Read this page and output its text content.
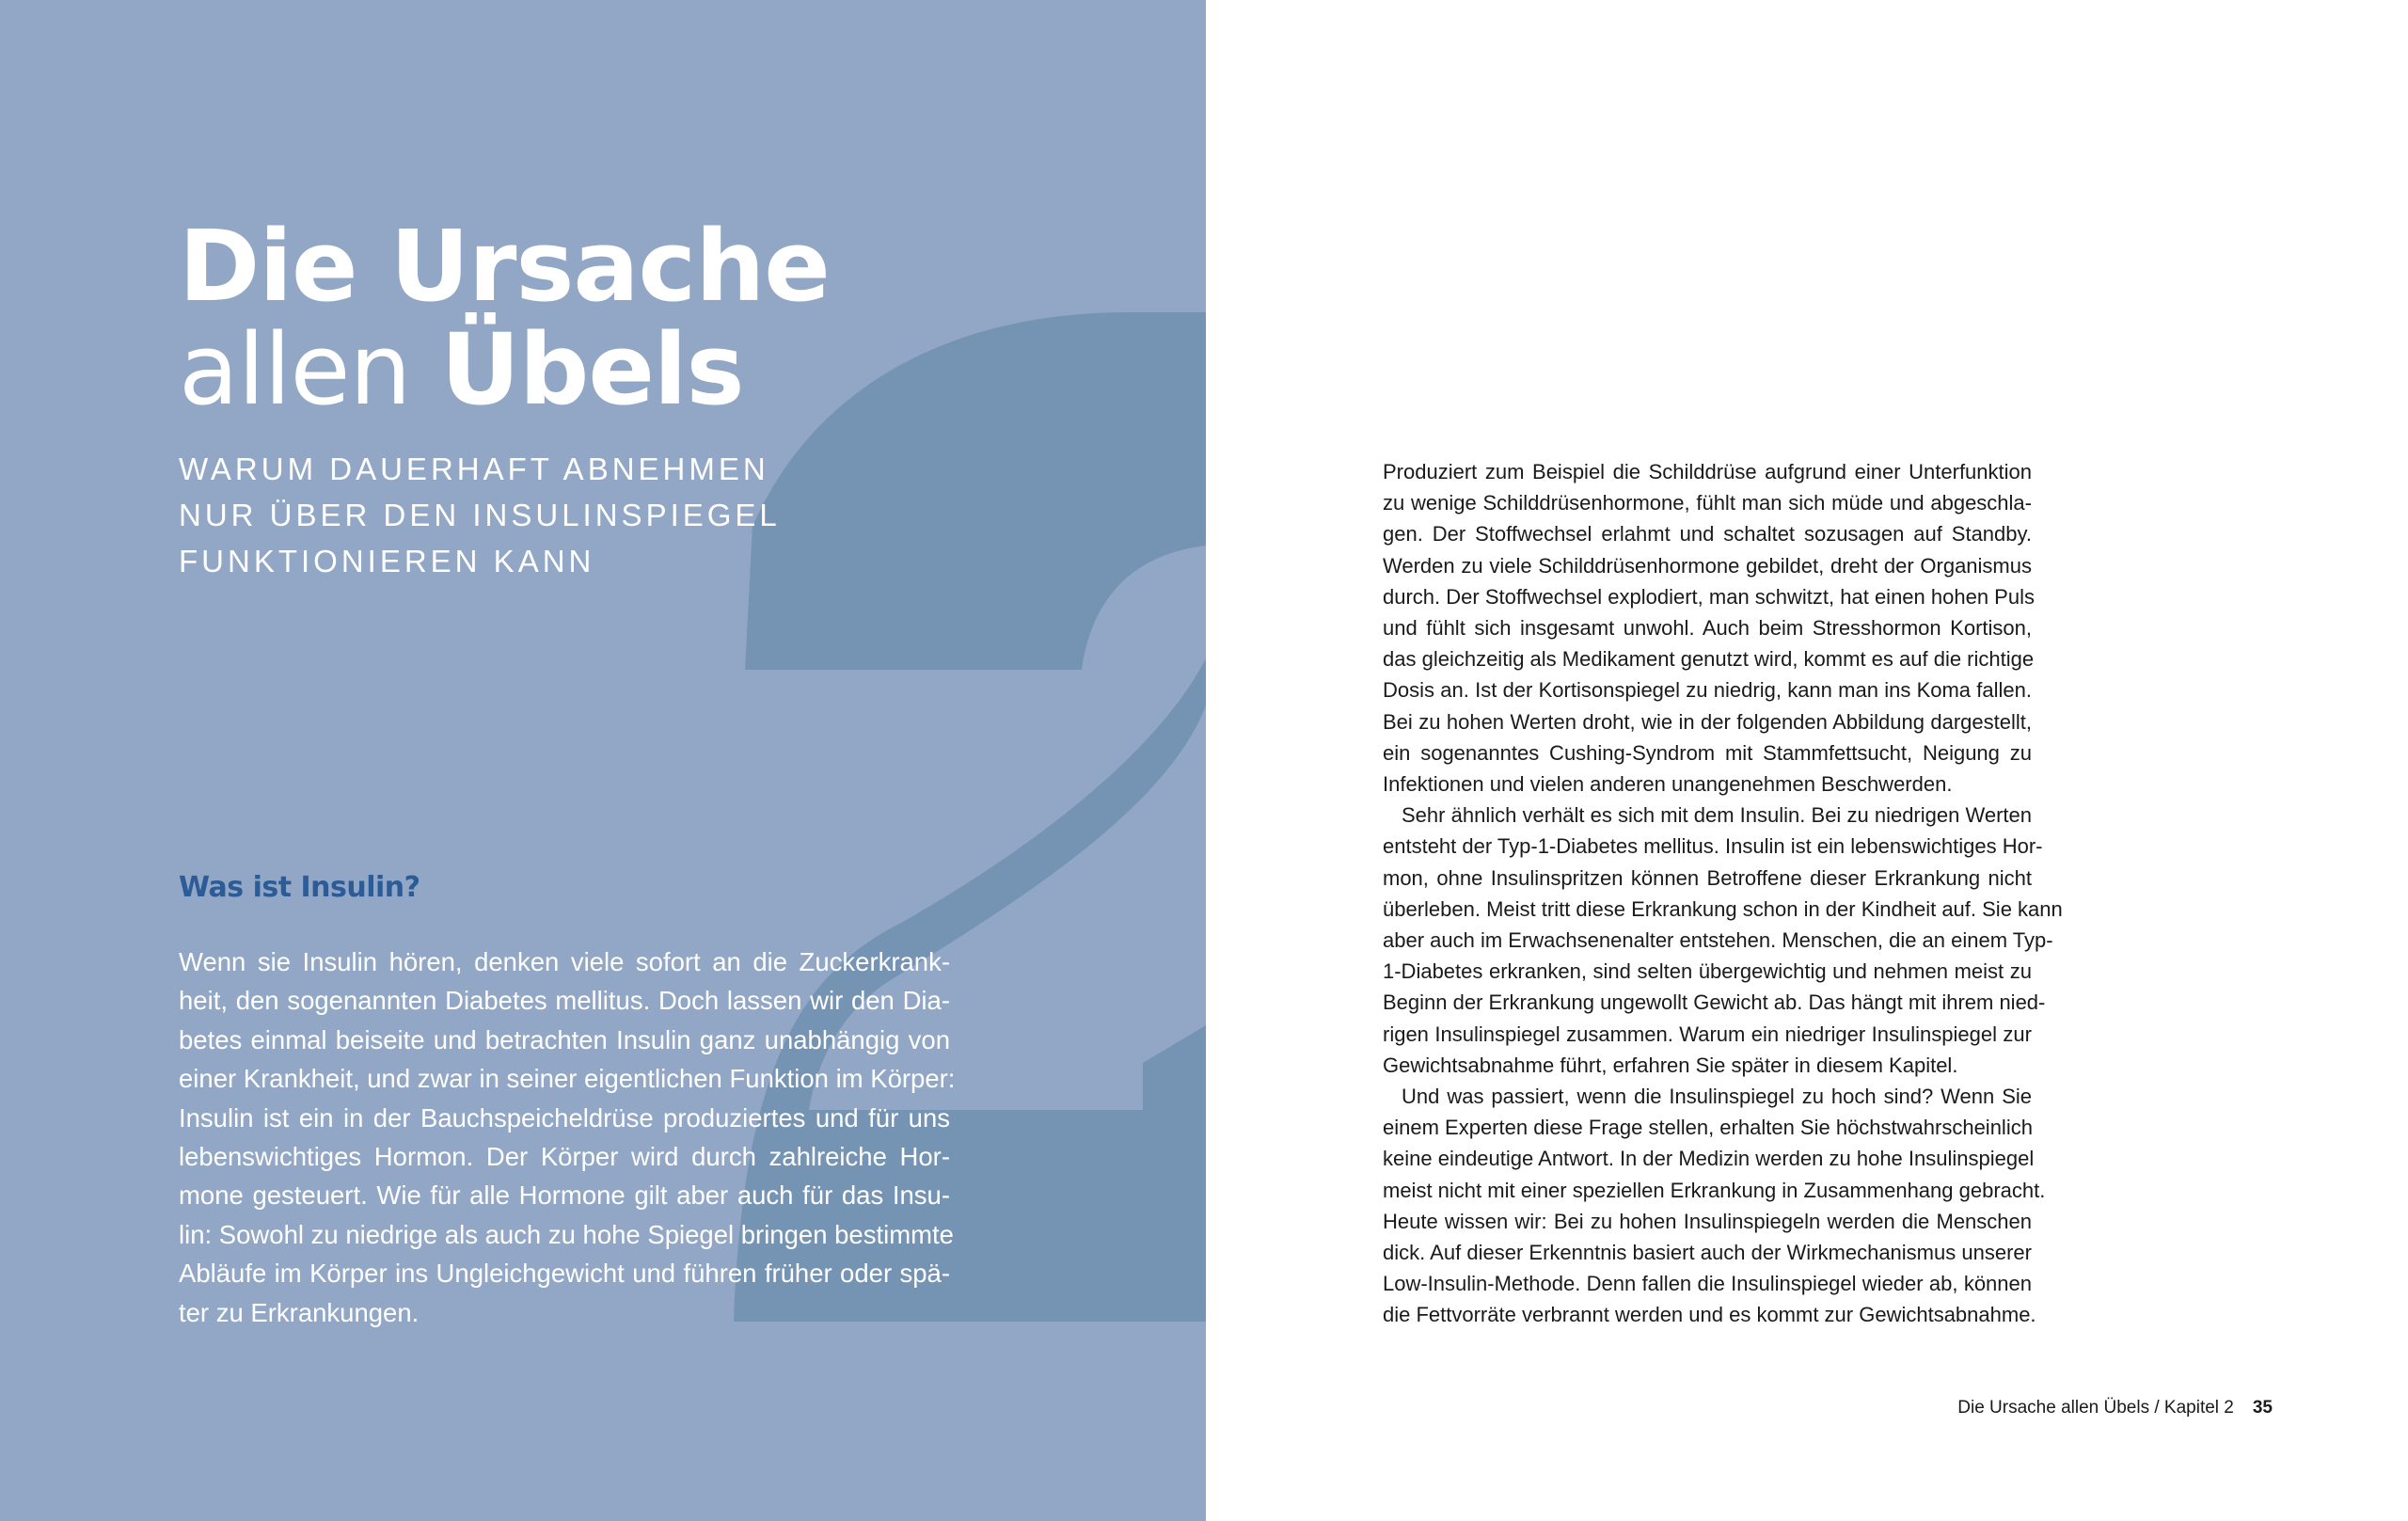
Die Ursache
allen Übels
WARUM DAUERHAFT ABNEHMEN
NUR ÜBER DEN INSULINSPIEGEL
FUNKTIONIEREN KANN
Was ist Insulin?
Wenn sie Insulin hören, denken viele sofort an die Zuckerkrank-
heit, den sogenannten Diabetes mellitus. Doch lassen wir den Dia-
betes einmal beiseite und betrachten Insulin ganz unabhängig von
einer Krankheit, und zwar in seiner eigentlichen Funktion im Körper:
Insulin ist ein in der Bauchspeicheldrüse produziertes und für uns
lebenswichtiges Hormon. Der Körper wird durch zahlreiche Hor-
mone gesteuert. Wie für alle Hormone gilt aber auch für das Insu-
lin: Sowohl zu niedrige als auch zu hohe Spiegel bringen bestimmte
Abläufe im Körper ins Ungleichgewicht und führen früher oder spä-
ter zu Erkrankungen.
Produziert zum Beispiel die Schilddrüse aufgrund einer Unterfunktion
zu wenige Schilddrüsenhormone, fühlt man sich müde und abgeschla-
gen. Der Stoffwechsel erlahmt und schaltet sozusagen auf Standby.
Werden zu viele Schilddrüsenhormone gebildet, dreht der Organismus
durch. Der Stoffwechsel explodiert, man schwitzt, hat einen hohen Puls
und fühlt sich insgesamt unwohl. Auch beim Stresshormon Kortison,
das gleichzeitig als Medikament genutzt wird, kommt es auf die richtige
Dosis an. Ist der Kortisonspiegel zu niedrig, kann man ins Koma fallen.
Bei zu hohen Werten droht, wie in der folgenden Abbildung dargestellt,
ein sogenanntes Cushing-Syndrom mit Stammfettsucht, Neigung zu
Infektionen und vielen anderen unangenehmen Beschwerden.
Sehr ähnlich verhält es sich mit dem Insulin. Bei zu niedrigen Werten
entsteht der Typ-1-Diabetes mellitus. Insulin ist ein lebenswichtiges Hor-
mon, ohne Insulinspritzen können Betroffene dieser Erkrankung nicht
überleben. Meist tritt diese Erkrankung schon in der Kindheit auf. Sie kann
aber auch im Erwachsenenalter entstehen. Menschen, die an einem Typ-
1-Diabetes erkranken, sind selten übergewichtig und nehmen meist zu
Beginn der Erkrankung ungewollt Gewicht ab. Das hängt mit ihrem nied-
rigen Insulinspiegel zusammen. Warum ein niedriger Insulinspiegel zur
Gewichtsabnahme führt, erfahren Sie später in diesem Kapitel.
Und was passiert, wenn die Insulinspiegel zu hoch sind? Wenn Sie
einem Experten diese Frage stellen, erhalten Sie höchstwahrscheinlich
keine eindeutige Antwort. In der Medizin werden zu hohe Insulinspiegel
meist nicht mit einer speziellen Erkrankung in Zusammenhang gebracht.
Heute wissen wir: Bei zu hohen Insulinspiegeln werden die Menschen
dick. Auf dieser Erkenntnis basiert auch der Wirkmechanismus unserer
Low-Insulin-Methode. Denn fallen die Insulinspiegel wieder ab, können
die Fettvorräte verbrannt werden und es kommt zur Gewichtsabnahme.
Die Ursache allen Übels / Kapitel 2 35
